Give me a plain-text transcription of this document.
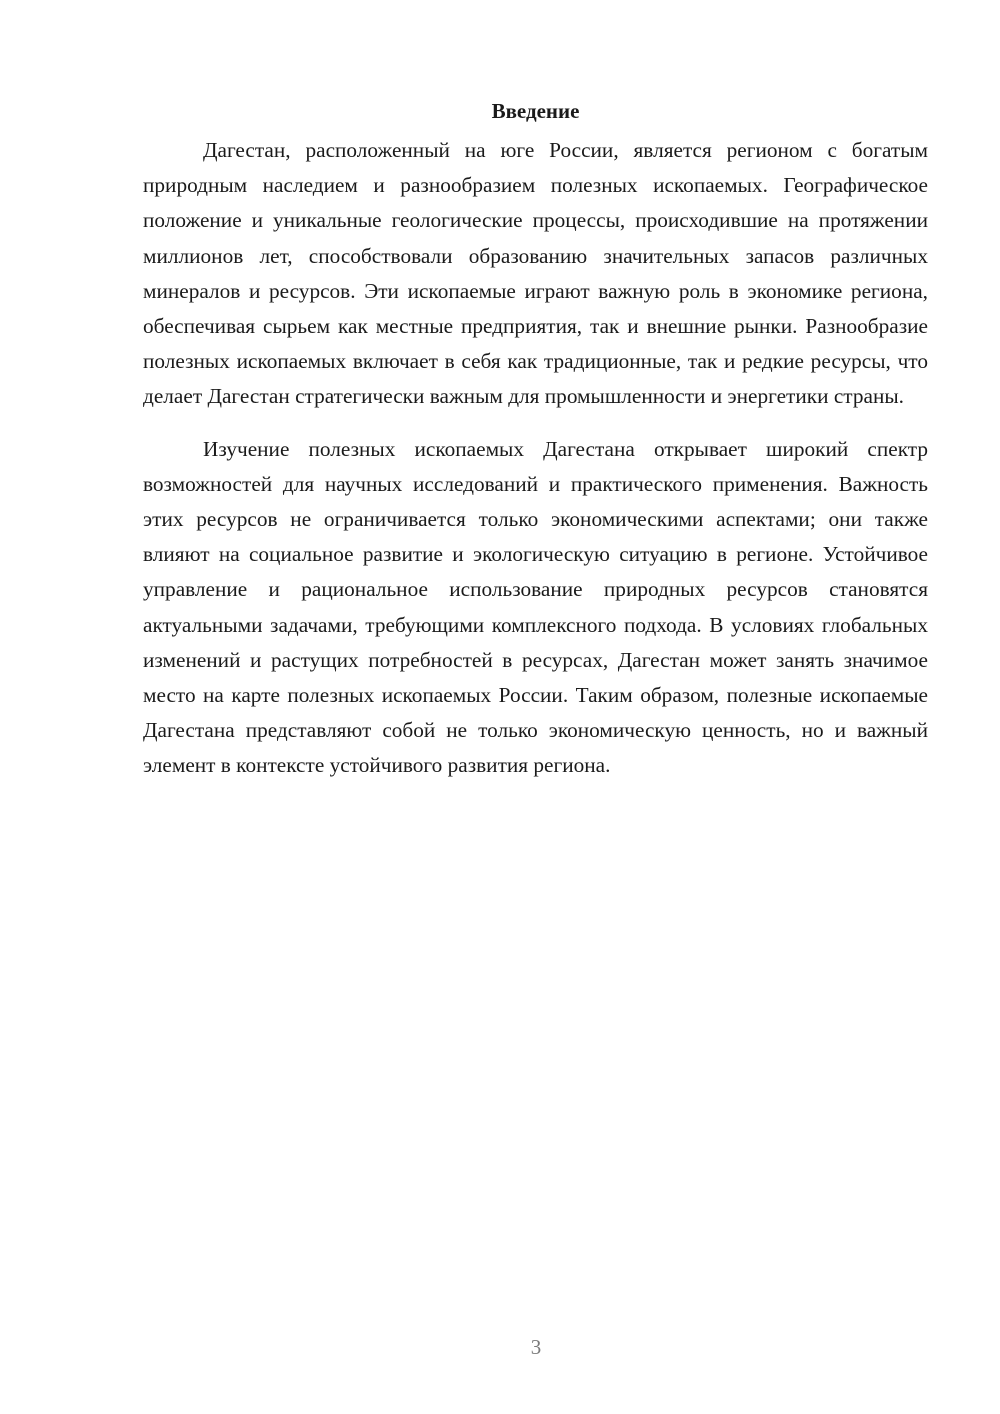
Введение

Дагестан, расположенный на юге России, является регионом с богатым природным наследием и разнообразием полезных ископаемых. Географическое положение и уникальные геологические процессы, происходившие на протяжении миллионов лет, способствовали образованию значительных запасов различных минералов и ресурсов. Эти ископаемые играют важную роль в экономике региона, обеспечивая сырьем как местные предприятия, так и внешние рынки. Разнообразие полезных ископаемых включает в себя как традиционные, так и редкие ресурсы, что делает Дагестан стратегически важным для промышленности и энергетики страны.

Изучение полезных ископаемых Дагестана открывает широкий спектр возможностей для научных исследований и практического применения. Важность этих ресурсов не ограничивается только экономическими аспектами; они также влияют на социальное развитие и экологическую ситуацию в регионе. Устойчивое управление и рациональное использование природных ресурсов становятся актуальными задачами, требующими комплексного подхода. В условиях глобальных изменений и растущих потребностей в ресурсах, Дагестан может занять значимое место на карте полезных ископаемых России. Таким образом, полезные ископаемые Дагестана представляют собой не только экономическую ценность, но и важный элемент в контексте устойчивого развития региона.

3
